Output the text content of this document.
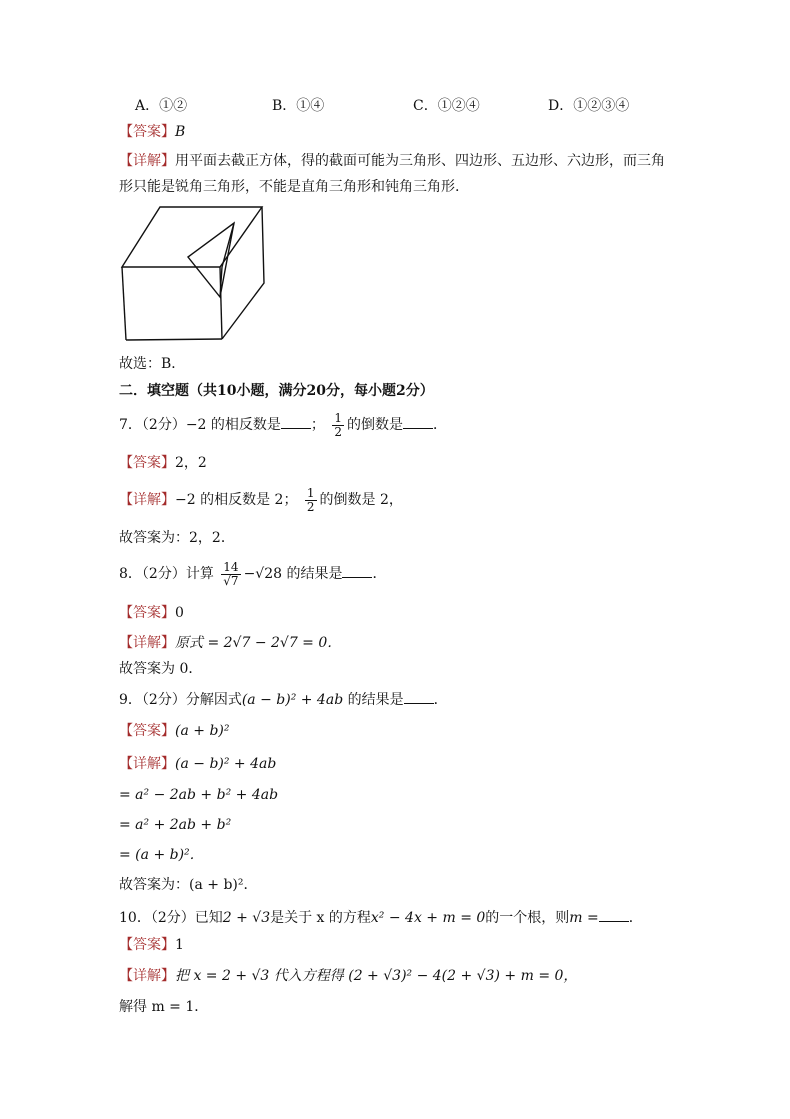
A．①②	B．①④	C．①②④	D．①②③④
【答案】B
【详解】用平面去截正方体，得的截面可能为三角形、四边形、五边形、六边形，而三角
形只能是锐角三角形，不能是直角三角形和钝角三角形.
故选：B．
二．填空题（共10小题，满分20分，每小题2分）
7．（2分）−2 的相反数是 ； $\frac{1}{2}$ 的倒数是 ．
【答案】2，2
【详解】−2 的相反数是 2； $\frac{1}{2}$ 的倒数是 2，
故答案为：2，2．
8．（2分）计算 $\frac{14}{√7} -√28$ 的结果是 ．
【答案】0
【详解】原式 = 2√7 − 2√7 = 0．
故答案为 0．
9．（2分）分解因式(a − b)² + 4ab 的结果是 ．
【答案】(a + b)²
【详解】(a − b)² + 4ab
= a² − 2ab + b² + 4ab
= a² + 2ab + b²
= (a + b)²．
故答案为：(a + b)²．
10．（2分）已知2 + √3是关于 x 的方程x² − 4x + m = 0的一个根，则m = ．
【答案】1
【详解】把 x = 2 + √3 代入方程得 (2 + √3)² − 4(2 + √3) + m = 0，
解得 m = 1．
